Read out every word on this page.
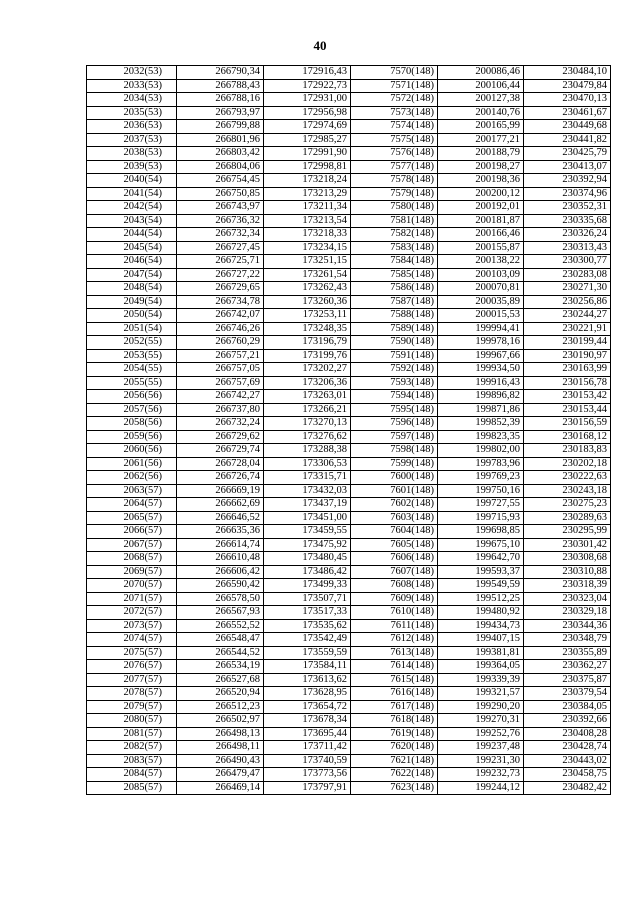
40
2032(53)	266790,34	172916,43	7570(148)	200086,46	230484,10
2033(53)	266788,43	172922,73	7571(148)	200106,44	230479,84
2034(53)	266788,16	172931,00	7572(148)	200127,38	230470,13
2035(53)	266793,97	172956,98	7573(148)	200140,76	230461,67
2036(53)	266799,88	172974,69	7574(148)	200165,99	230449,68
2037(53)	266801,96	172985,27	7575(148)	200177,21	230441,82
2038(53)	266803,42	172991,90	7576(148)	200188,79	230425,79
2039(53)	266804,06	172998,81	7577(148)	200198,27	230413,07
2040(54)	266754,45	173218,24	7578(148)	200198,36	230392,94
2041(54)	266750,85	173213,29	7579(148)	200200,12	230374,96
2042(54)	266743,97	173211,34	7580(148)	200192,01	230352,31
2043(54)	266736,32	173213,54	7581(148)	200181,87	230335,68
2044(54)	266732,34	173218,33	7582(148)	200166,46	230326,24
2045(54)	266727,45	173234,15	7583(148)	200155,87	230313,43
2046(54)	266725,71	173251,15	7584(148)	200138,22	230300,77
2047(54)	266727,22	173261,54	7585(148)	200103,09	230283,08
2048(54)	266729,65	173262,43	7586(148)	200070,81	230271,30
2049(54)	266734,78	173260,36	7587(148)	200035,89	230256,86
2050(54)	266742,07	173253,11	7588(148)	200015,53	230244,27
2051(54)	266746,26	173248,35	7589(148)	199994,41	230221,91
2052(55)	266760,29	173196,79	7590(148)	199978,16	230199,44
2053(55)	266757,21	173199,76	7591(148)	199967,66	230190,97
2054(55)	266757,05	173202,27	7592(148)	199934,50	230163,99
2055(55)	266757,69	173206,36	7593(148)	199916,43	230156,78
2056(56)	266742,27	173263,01	7594(148)	199896,82	230153,42
2057(56)	266737,80	173266,21	7595(148)	199871,86	230153,44
2058(56)	266732,24	173270,13	7596(148)	199852,39	230156,59
2059(56)	266729,62	173276,62	7597(148)	199823,35	230168,12
2060(56)	266729,74	173288,38	7598(148)	199802,00	230183,83
2061(56)	266728,04	173306,53	7599(148)	199783,96	230202,18
2062(56)	266726,74	173315,71	7600(148)	199769,23	230222,63
2063(57)	266669,19	173432,03	7601(148)	199750,16	230243,18
2064(57)	266662,69	173437,19	7602(148)	199727,55	230275,23
2065(57)	266646,52	173451,00	7603(148)	199715,93	230289,63
2066(57)	266635,36	173459,55	7604(148)	199698,85	230295,99
2067(57)	266614,74	173475,92	7605(148)	199675,10	230301,42
2068(57)	266610,48	173480,45	7606(148)	199642,70	230308,68
2069(57)	266606,42	173486,42	7607(148)	199593,37	230310,88
2070(57)	266590,42	173499,33	7608(148)	199549,59	230318,39
2071(57)	266578,50	173507,71	7609(148)	199512,25	230323,04
2072(57)	266567,93	173517,33	7610(148)	199480,92	230329,18
2073(57)	266552,52	173535,62	7611(148)	199434,73	230344,36
2074(57)	266548,47	173542,49	7612(148)	199407,15	230348,79
2075(57)	266544,52	173559,59	7613(148)	199381,81	230355,89
2076(57)	266534,19	173584,11	7614(148)	199364,05	230362,27
2077(57)	266527,68	173613,62	7615(148)	199339,39	230375,87
2078(57)	266520,94	173628,95	7616(148)	199321,57	230379,54
2079(57)	266512,23	173654,72	7617(148)	199290,20	230384,05
2080(57)	266502,97	173678,34	7618(148)	199270,31	230392,66
2081(57)	266498,13	173695,44	7619(148)	199252,76	230408,28
2082(57)	266498,11	173711,42	7620(148)	199237,48	230428,74
2083(57)	266490,43	173740,59	7621(148)	199231,30	230443,02
2084(57)	266479,47	173773,56	7622(148)	199232,73	230458,75
2085(57)	266469,14	173797,91	7623(148)	199244,12	230482,42
